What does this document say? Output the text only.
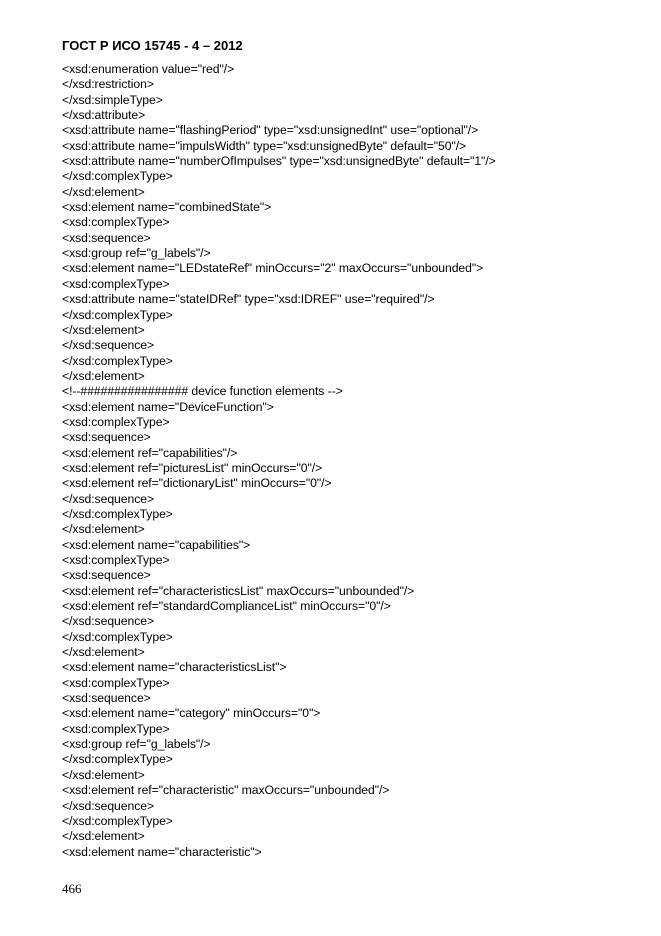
ГОСТ Р ИСО 15745 - 4 – 2012
<xsd:enumeration value="red"/>
</xsd:restriction>
</xsd:simpleType>
</xsd:attribute>
<xsd:attribute name="flashingPeriod" type="xsd:unsignedInt" use="optional"/>
<xsd:attribute name="impulsWidth" type="xsd:unsignedByte" default="50"/>
<xsd:attribute name="numberOfImpulses" type="xsd:unsignedByte" default="1"/>
</xsd:complexType>
</xsd:element>
<xsd:element name="combinedState">
<xsd:complexType>
<xsd:sequence>
<xsd:group ref="g_labels"/>
<xsd:element name="LEDstateRef" minOccurs="2" maxOccurs="unbounded">
<xsd:complexType>
<xsd:attribute name="stateIDRef" type="xsd:IDREF" use="required"/>
</xsd:complexType>
</xsd:element>
</xsd:sequence>
</xsd:complexType>
</xsd:element>
<!--################ device function elements -->
<xsd:element name="DeviceFunction">
<xsd:complexType>
<xsd:sequence>
<xsd:element ref="capabilities"/>
<xsd:element ref="picturesList" minOccurs="0"/>
<xsd:element ref="dictionaryList" minOccurs="0"/>
</xsd:sequence>
</xsd:complexType>
</xsd:element>
<xsd:element name="capabilities">
<xsd:complexType>
<xsd:sequence>
<xsd:element ref="characteristicsList" maxOccurs="unbounded"/>
<xsd:element ref="standardComplianceList" minOccurs="0"/>
</xsd:sequence>
</xsd:complexType>
</xsd:element>
<xsd:element name="characteristicsList">
<xsd:complexType>
<xsd:sequence>
<xsd:element name="category" minOccurs="0">
<xsd:complexType>
<xsd:group ref="g_labels"/>
</xsd:complexType>
</xsd:element>
<xsd:element ref="characteristic" maxOccurs="unbounded"/>
</xsd:sequence>
</xsd:complexType>
</xsd:element>
<xsd:element name="characteristic">
466
